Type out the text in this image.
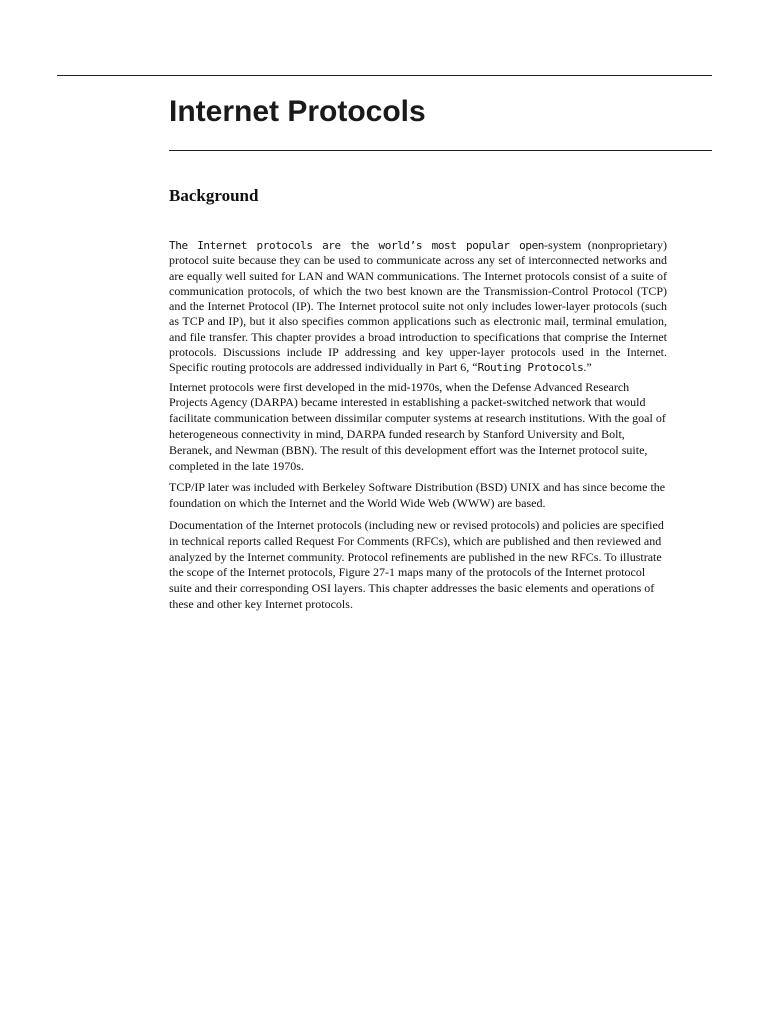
Internet Protocols
Background

The Internet protocols are the world’s most popular open-system (nonproprietary) protocol suite because they can be used to communicate across any set of interconnected networks and are equally well suited for LAN and WAN communications. The Internet protocols consist of a suite of communication protocols, of which the two best known are the Transmission-Control Protocol (TCP) and the Internet Protocol (IP). The Internet protocol suite not only includes lower-layer protocols (such as TCP and IP), but it also specifies common applications such as electronic mail, terminal emulation, and file transfer. This chapter provides a broad introduction to specifications that comprise the Internet protocols. Discussions include IP addressing and key upper-layer protocols used in the Internet. Specific routing protocols are addressed individually in Part 6, “Routing Protocols.”

Internet protocols were first developed in the mid-1970s, when the Defense Advanced Research Projects Agency (DARPA) became interested in establishing a packet-switched network that would facilitate communication between dissimilar computer systems at research institutions. With the goal of heterogeneous connectivity in mind, DARPA funded research by Stanford University and Bolt, Beranek, and Newman (BBN). The result of this development effort was the Internet protocol suite, completed in the late 1970s.

TCP/IP later was included with Berkeley Software Distribution (BSD) UNIX and has since become the foundation on which the Internet and the World Wide Web (WWW) are based.

Documentation of the Internet protocols (including new or revised protocols) and policies are specified in technical reports called Request For Comments (RFCs), which are published and then reviewed and analyzed by the Internet community. Protocol refinements are published in the new RFCs. To illustrate the scope of the Internet protocols, Figure 27-1 maps many of the protocols of the Internet protocol suite and their corresponding OSI layers. This chapter addresses the basic elements and operations of these and other key Internet protocols.
